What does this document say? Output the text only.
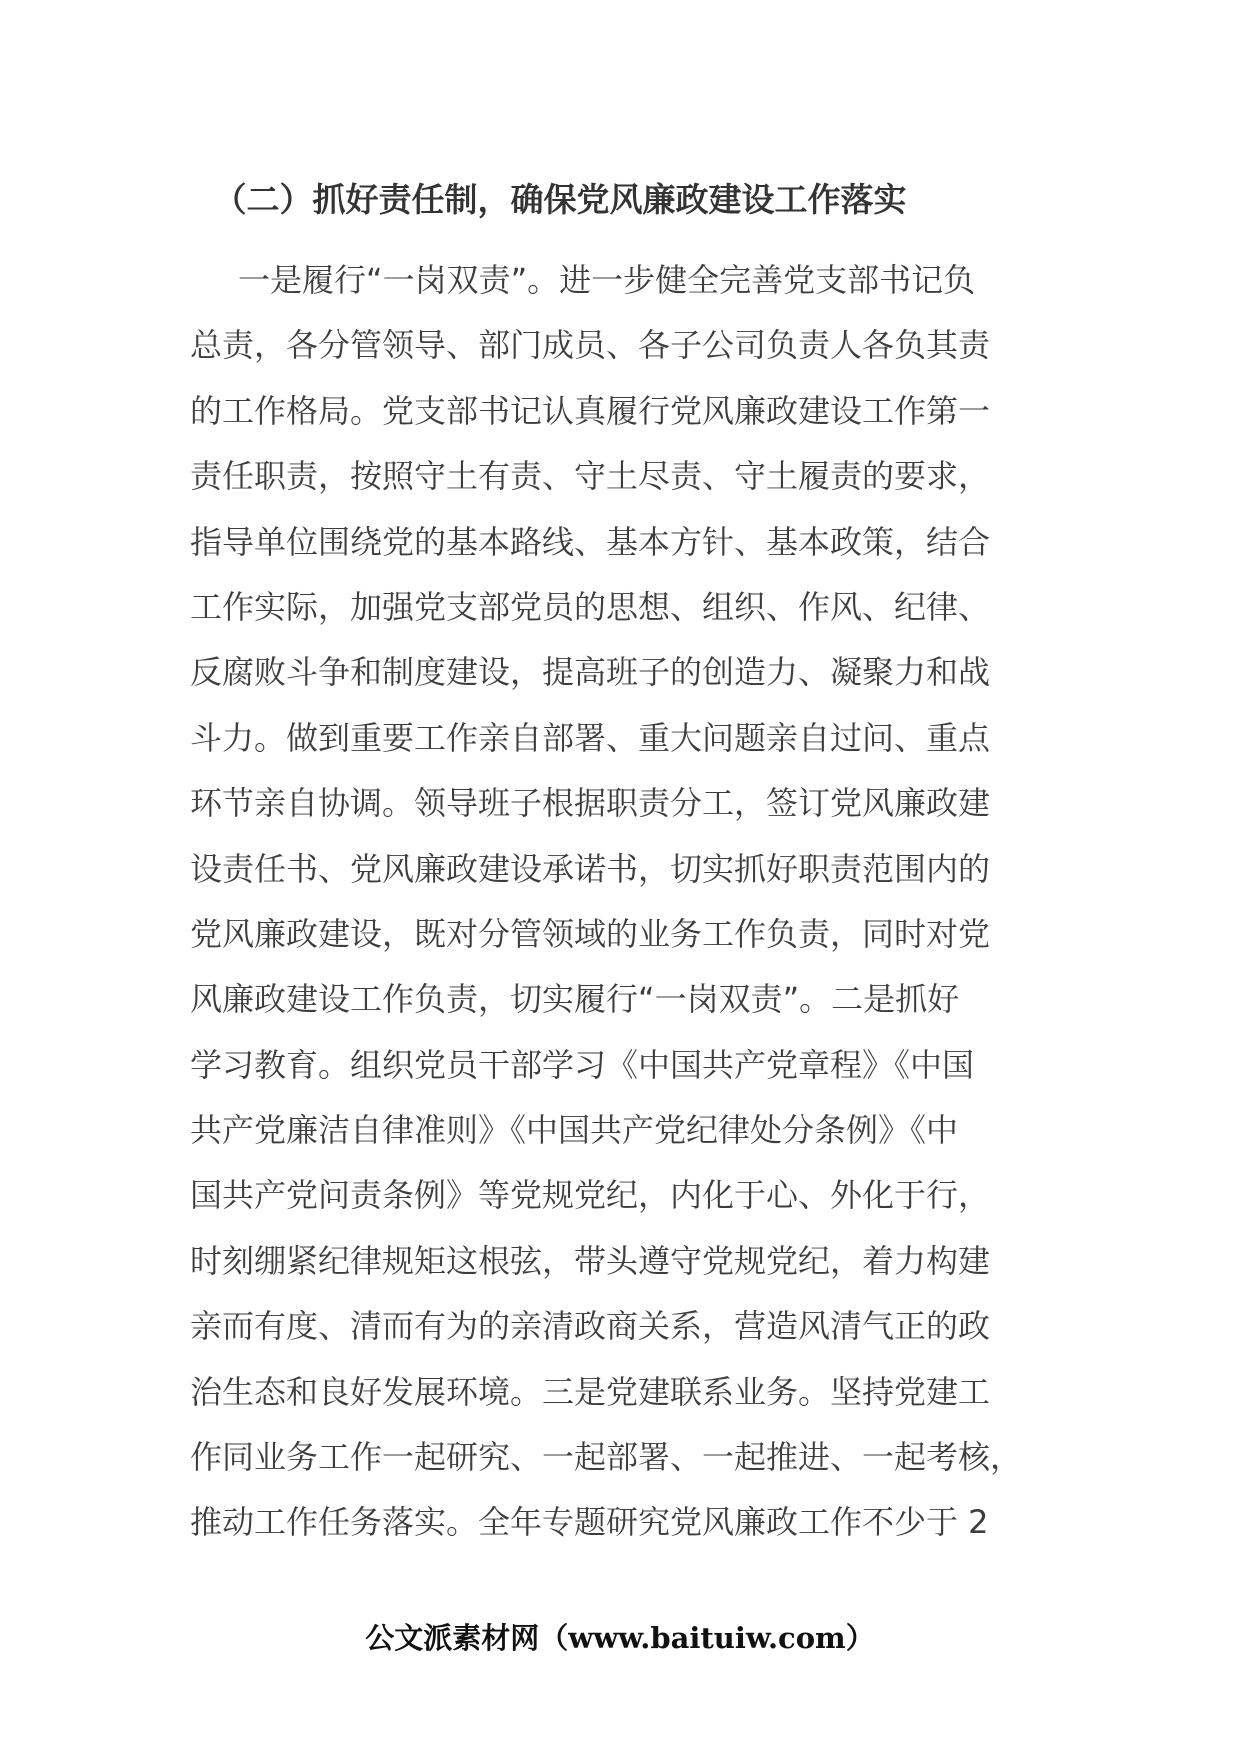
（二）抓好责任制，确保党风廉政建设工作落实
一是履行“一岗双责”。进一步健全完善党支部书记负
总责，各分管领导、部门成员、各子公司负责人各负其责
的工作格局。党支部书记认真履行党风廉政建设工作第一
责任职责，按照守土有责、守土尽责、守土履责的要求，
指导单位围绕党的基本路线、基本方针、基本政策，结合
工作实际，加强党支部党员的思想、组织、作风、纪律、
反腐败斗争和制度建设，提高班子的创造力、凝聚力和战
斗力。做到重要工作亲自部署、重大问题亲自过问、重点
环节亲自协调。领导班子根据职责分工，签订党风廉政建
设责任书、党风廉政建设承诺书，切实抓好职责范围内的
党风廉政建设，既对分管领域的业务工作负责，同时对党
风廉政建设工作负责，切实履行“一岗双责”。二是抓好
学习教育。组织党员干部学习《中国共产党章程》《中国
共产党廉洁自律准则》《中国共产党纪律处分条例》《中
国共产党问责条例》等党规党纪，内化于心、外化于行，
时刻绷紧纪律规矩这根弦，带头遵守党规党纪，着力构建
亲而有度、清而有为的亲清政商关系，营造风清气正的政
治生态和良好发展环境。三是党建联系业务。坚持党建工
作同业务工作一起研究、一起部署、一起推进、一起考核，
推动工作任务落实。全年专题研究党风廉政工作不少于 2
公文派素材网（www.baituiw.com）
